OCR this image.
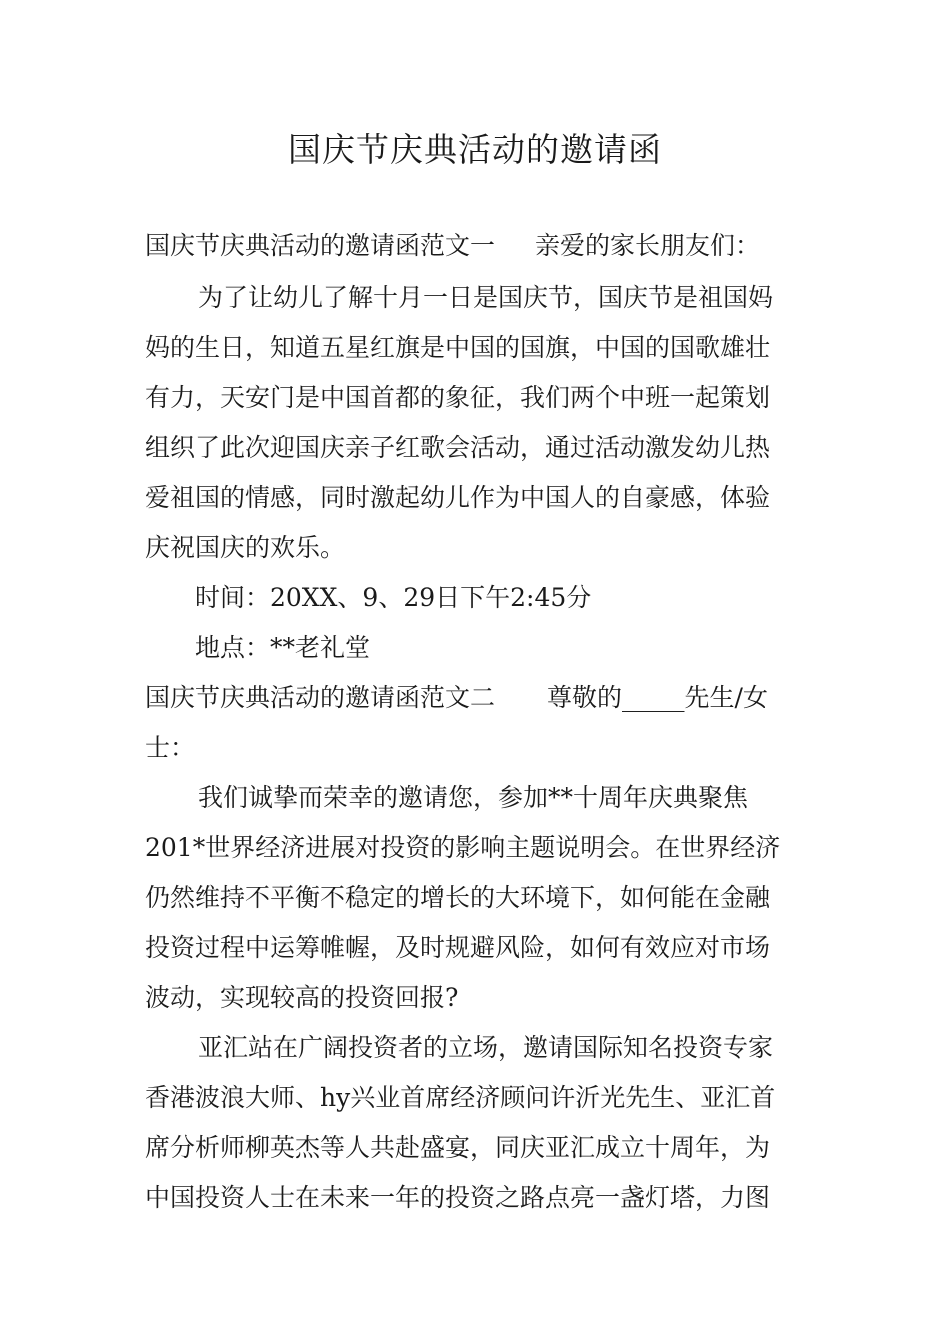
国庆节庆典活动的邀请函

国庆节庆典活动的邀请函范文一 亲爱的家长朋友们：

为了让幼儿了解十月一日是国庆节，国庆节是祖国妈

妈的生日，知道五星红旗是中国的国旗，中国的国歌雄壮

有力，天安门是中国首都的象征，我们两个中班一起策划

组织了此次迎国庆亲子红歌会活动，通过活动激发幼儿热

爱祖国的情感，同时激起幼儿作为中国人的自豪感，体验

庆祝国庆的欢乐。

时间：20XX、9、29日下午2:45分

地点：**老礼堂

国庆节庆典活动的邀请函范文二 尊敬的_____先生/女

士：

我们诚挚而荣幸的邀请您，参加**十周年庆典聚焦

201*世界经济进展对投资的影响主题说明会。在世界经济

仍然维持不平衡不稳定的增长的大环境下，如何能在金融

投资过程中运筹帷幄，及时规避风险，如何有效应对市场

波动，实现较高的投资回报?

亚汇站在广阔投资者的立场，邀请国际知名投资专家

香港波浪大师、hy兴业首席经济顾问许沂光先生、亚汇首

席分析师柳英杰等人共赴盛宴，同庆亚汇成立十周年，为

中国投资人士在未来一年的投资之路点亮一盏灯塔，力图
